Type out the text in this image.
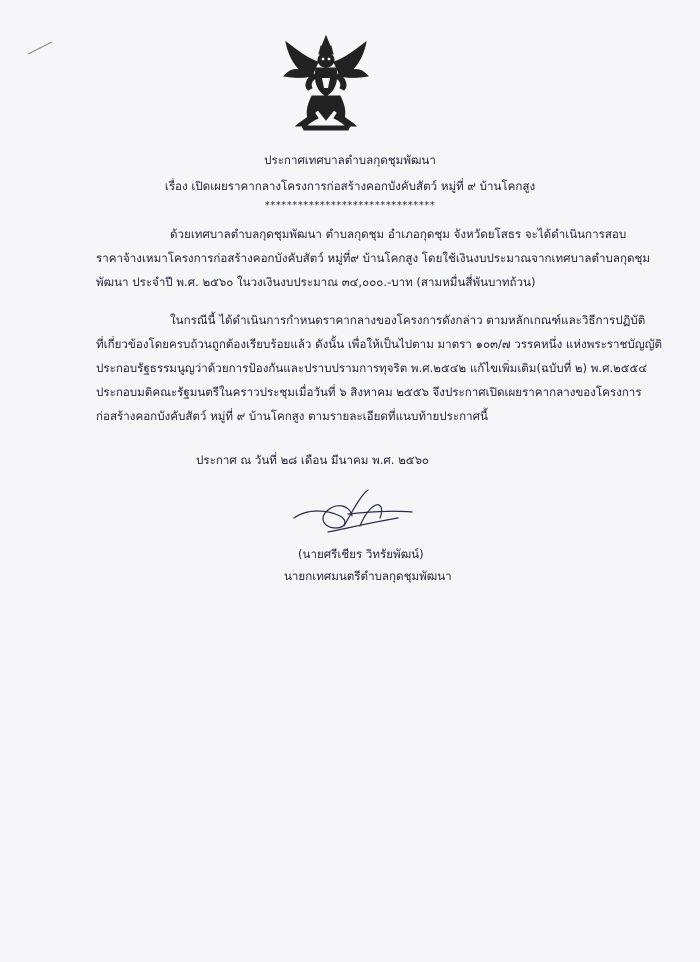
ประกาศเทศบาลตำบลกุดชุมพัฒนา
เรื่อง เปิดเผยราคากลางโครงการก่อสร้างคอกบังคับสัตว์ หมู่ที่ ๙ บ้านโคกสูง
*******************************
ด้วยเทศบาลตำบลกุดชุมพัฒนา ตำบลกุดชุม อำเภอกุดชุม จังหวัดยโสธร จะได้ดำเนินการสอบ
ราคาจ้างเหมาโครงการก่อสร้างคอกบังคับสัตว์ หมู่ที่๙ บ้านโคกสูง โดยใช้เงินงบประมาณจากเทศบาลตำบลกุดชุม
พัฒนา ประจำปี พ.ศ. ๒๕๖๐ ในวงเงินงบประมาณ ๓๔,๐๐๐.-บาท (สามหมื่นสี่พันบาทถ้วน)
ในกรณีนี้ ได้ดำเนินการกำหนดราคากลางของโครงการดังกล่าว ตามหลักเกณฑ์และวิธีการปฏิบัติ
ที่เกี่ยวข้องโดยครบถ้วนถูกต้องเรียบร้อยแล้ว ดังนั้น เพื่อให้เป็นไปตาม มาตรา ๑๐๓/๗ วรรคหนึ่ง แห่งพระราชบัญญัติ
ประกอบรัฐธรรมนูญว่าด้วยการป้องกันและปราบปรามการทุจริต พ.ศ.๒๕๔๒ แก้ไขเพิ่มเติม(ฉบับที่ ๒) พ.ศ.๒๕๕๔
ประกอบมติคณะรัฐมนตรีในคราวประชุมเมื่อวันที่ ๖ สิงหาคม ๒๕๕๖ จึงประกาศเปิดเผยราคากลางของโครงการ
ก่อสร้างคอกบังคับสัตว์ หมู่ที่ ๙ บ้านโคกสูง ตามรายละเอียดที่แนบท้ายประกาศนี้
ประกาศ ณ วันที่ ๒๘ เดือน มีนาคม พ.ศ. ๒๕๖๐
(นายศรีเชียร วิทรัยพัฒน์)
นายกเทศมนตรีตำบลกุดชุมพัฒนา
